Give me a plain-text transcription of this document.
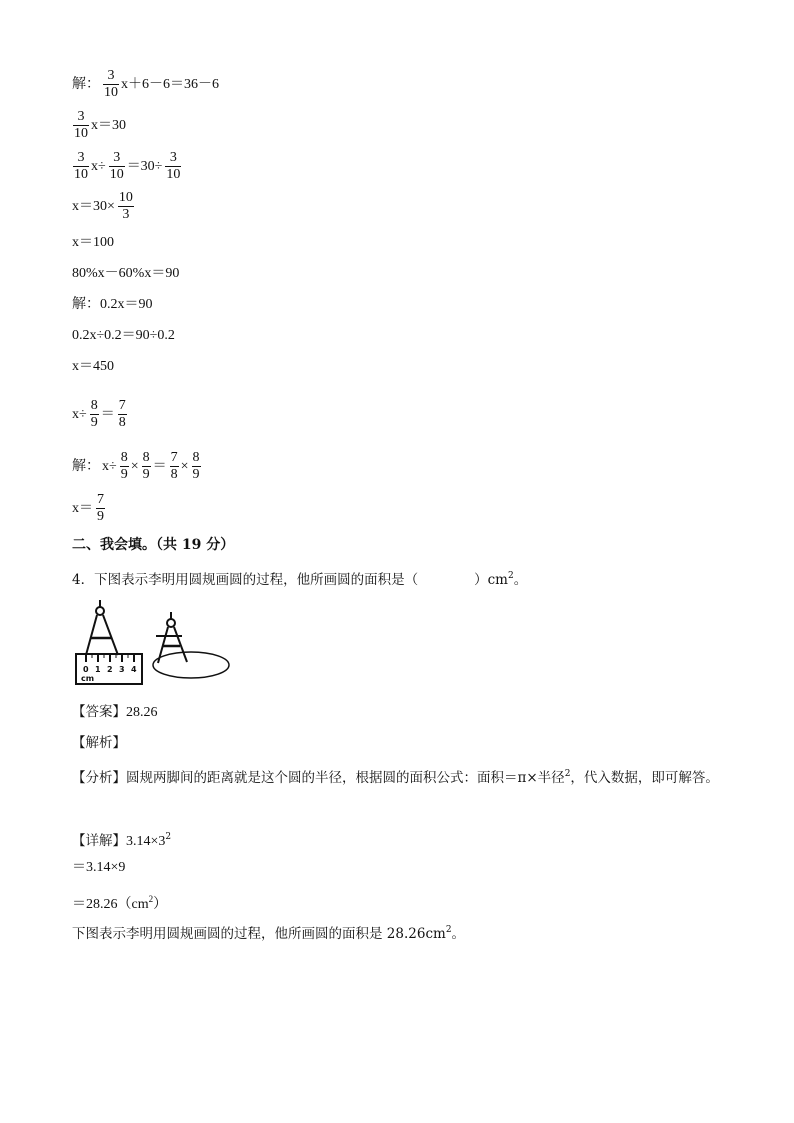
解： $\frac{3}{10} x+6-6=36-6$
$\frac{3}{10} x=30$
$\frac{3}{10} x\div \frac{3}{10} =30\div \frac{3}{10}$
$x=30\times \frac{10}{3}$
x＝100
80%x－60%x＝90
解：0.2x＝90
0.2x÷0.2＝90÷0.2
x＝450
$x\div \frac{8}{9} = \frac{7}{8}$
解： $x\div \frac{8}{9} \times \frac{8}{9} = \frac{7}{8} \times \frac{8}{9}$
$x= \frac{7}{9}$
二、我会填。（共 19 分）
4．下图表示李明用圆规画圆的过程，他所画圆的面积是（	）$cm^2$。
0 1 2 3 4
cm
【答案】28.26
【解析】
【分析】圆规两脚间的距离就是这个圆的半径，根据圆的面积公式：面积＝π×半径$^2$，代入数据，即可解答。
【详解】$3.14\times 3^2$
＝3.14×9
$=28.26(cm^2)$
下图表示李明用圆规画圆的过程，他所画圆的面积是 $28.26cm^2$。
